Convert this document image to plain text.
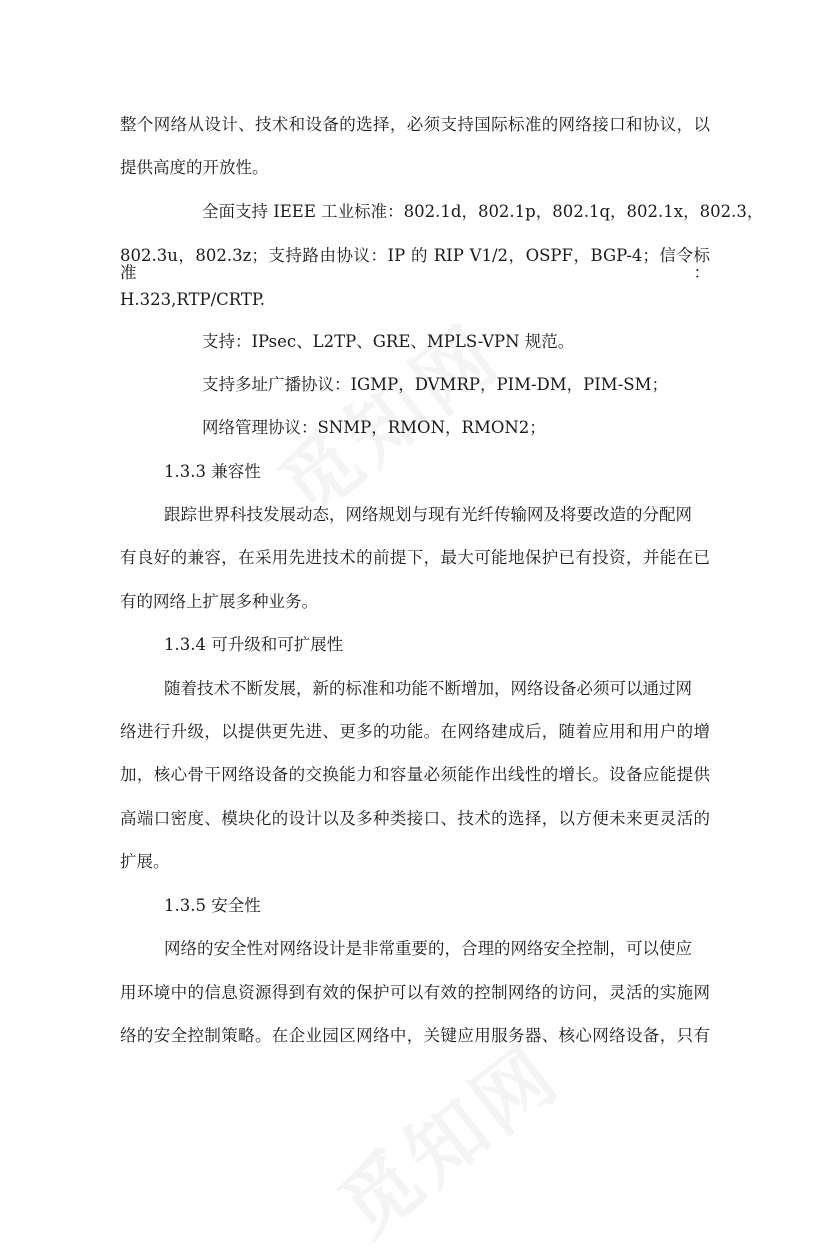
整个网络从设计、技术和设备的选择，必须支持国际标准的网络接口和协议，以
提供高度的开放性。
全面支持 IEEE 工业标准：802.1d，802.1p，802.1q，802.1x，802.3，
802.3u，802.3z；支持路由协议：IP 的 RIP V1/2，OSPF，BGP-4；信令标准：
H.323,RTP/CRTP.
支持：IPsec、L2TP、GRE、MPLS-VPN 规范。
支持多址广播协议：IGMP，DVMRP，PIM-DM，PIM-SM；
网络管理协议：SNMP，RMON，RMON2；
1.3.3 兼容性
跟踪世界科技发展动态，网络规划与现有光纤传输网及将要改造的分配网
有良好的兼容，在采用先进技术的前提下，最大可能地保护已有投资，并能在已
有的网络上扩展多种业务。
1.3.4 可升级和可扩展性
随着技术不断发展，新的标准和功能不断增加，网络设备必须可以通过网
络进行升级，以提供更先进、更多的功能。在网络建成后，随着应用和用户的增
加，核心骨干网络设备的交换能力和容量必须能作出线性的增长。设备应能提供
高端口密度、模块化的设计以及多种类接口、技术的选择，以方便未来更灵活的
扩展。
1.3.5 安全性
网络的安全性对网络设计是非常重要的，合理的网络安全控制，可以使应
用环境中的信息资源得到有效的保护可以有效的控制网络的访问，灵活的实施网
络的安全控制策略。在企业园区网络中，关键应用服务器、核心网络设备，只有
